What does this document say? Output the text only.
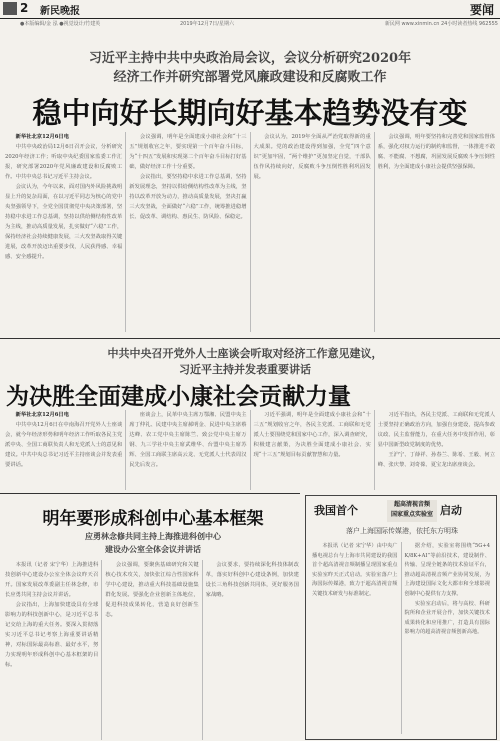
2 新民晚报	要闻
●本版编辑/金 泓 ●视觉设计/竹建英	2019年12月7日/星期六	新民网 www.xinmin.cn 24小时读者热线 962555
习近平主持中共中央政治局会议，会议分析研究2020年
经济工作并研究部署党风廉政建设和反腐败工作
稳中向好长期向好基本趋势没有变

新华社北京12月6日电

中共中央政治局12月6日召开会议，分析研究2020年经济工作；听取中央纪委国家监委工作汇报，研究部署2020年党风廉政建设和反腐败工作。中共中央总书记习近平主持会议。

会议认为，今年以来，面对国内外风险挑战明显上升的复杂局面，在以习近平同志为核心的党中央坚强领导下，全党全国贯彻党中央决策部署，坚持稳中求进工作总基调，坚持以供给侧结构性改革为主线，推动高质量发展，扎实做好“六稳”工作，保持经济社会持续健康发展，三大攻坚战取得关键进展，改革开放迈出重要步伐，人民获得感、幸福感、安全感提升。

会议强调，明年是全面建成小康社会和“十三五”规划收官之年，要实现第一个百年奋斗目标，为“十四五”发展和实现第二个百年奋斗目标打好基础，做好经济工作十分重要。

会议指出，要坚持稳中求进工作总基调，坚持新发展理念，坚持以供给侧结构性改革为主线，坚持以改革开放为动力，推动高质量发展，坚决打赢三大攻坚战，全面做好“六稳”工作，统筹推进稳增长、促改革、调结构、惠民生、防风险、保稳定。

会议认为，2019年全面从严治党取得新的重大成果。党的政治建设得到加强，全党“四个意识”更加牢固，“两个维护”更加坚定自觉，干部队伍作风持续向好，反腐败斗争压倒性胜利巩固发展。

会议强调，明年要坚持和完善党和国家监督体系，强化对权力运行的制约和监督，一体推进不敢腐、不能腐、不想腐，巩固发展反腐败斗争压倒性胜利，为全面建成小康社会提供坚强保障。

中共中央召开党外人士座谈会听取对经济工作意见建议，
习近平主持并发表重要讲话
为决胜全面建成小康社会贡献力量

新华社北京12月6日电

中共中央12月6日在中南海召开党外人士座谈会，就今年经济形势和明年经济工作听取各民主党派中央、全国工商联负责人和无党派人士的意见和建议。中共中央总书记习近平主持座谈会并发表重要讲话。

座谈会上，民革中央主席万鄂湘、民盟中央主席丁仲礼、民建中央主席郝明金、民进中央主席蔡达峰、农工党中央主席陈竺、致公党中央主席万钢、九三学社中央主席武维华、台盟中央主席苏辉、全国工商联主席高云龙、无党派人士代表周汉民先后发言。

习近平强调，明年是全面建成小康社会和“十三五”规划收官之年，各民主党派、工商联和无党派人士要围绕党和国家中心工作，深入调查研究，积极建言献策，为决胜全面建成小康社会、实现“十三五”规划目标贡献智慧和力量。

习近平指出，各民主党派、工商联和无党派人士要坚持正确政治方向，加强自身建设，提高参政议政、民主监督能力，在重大任务中发挥作用，彰显中国新型政党制度的优势。

王沪宁、丁薛祥、孙春兰、陈希、王毅、何立峰、张庆黎、刘奇葆、夏宝龙出席座谈会。

明年要形成科创中心基本框架
应勇林念修共同主持上海推进科创中心
建设办公室全体会议并讲话

本报讯（记者 宋宁华）上海推进科技创新中心建设办公室全体会议昨天召开。国家发展改革委副主任林念修，市长应勇共同主持会议并讲话。

会议指出，上海加快建设具有全球影响力的科技创新中心，是习近平总书记交给上海的重大任务。要深入贯彻落实习近平总书记考察上海重要讲话精神，对标国际最高标准、最好水平，努力实现明年形成科创中心基本框架的目标。

会议强调，要聚焦基础研究和关键核心技术攻关，加快张江综合性国家科学中心建设，推动重大科技基础设施集群化发展。要强化企业创新主体地位，促进科技成果转化，营造良好创新生态。

会议要求，要持续深化科技体制改革，落实好科创中心建设条例，加快建设长三角科技创新共同体，更好服务国家战略。

我国首个	超高清视音频
国家重点实验室 启动
落户上海国际传媒港，依托东方明珠

本报讯（记者 宋宁华）由中央广播电视总台与上海市共同建设的我国首个超高清视音频制播呈现国家重点实验室昨天正式启动。实验室落户上海国际传媒港，致力于超高清视音频关键技术研发与标准制定。

据介绍，实验室将围绕“5G+4K/8K+AI”等前沿技术，建设制作、传输、呈现全链条的技术验证平台，推动超高清视音频产业协同发展，为上海建设国际文化大都市和全球影视创制中心提供有力支撑。

实验室启动后，将与高校、科研院所和企业开展合作，加快关键技术成果转化和应用推广，打造具有国际影响力的超高清视音频创新高地。
